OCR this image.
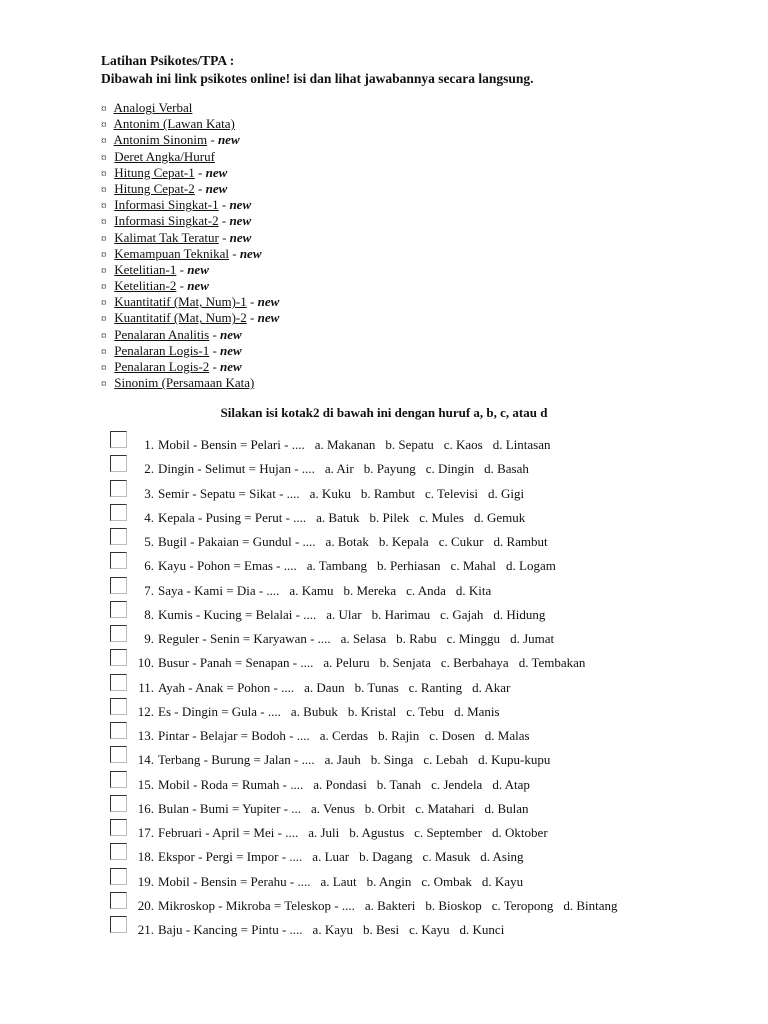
Latihan Psikotes/TPA :

Dibawah ini link psikotes online! isi dan lihat jawabannya secara langsung.

¤ Analogi Verbal
¤ Antonim (Lawan Kata)
¤ Antonim Sinonim - new
¤ Deret Angka/Huruf
¤ Hitung Cepat-1 - new
¤ Hitung Cepat-2 - new
¤ Informasi Singkat-1 - new
¤ Informasi Singkat-2 - new
¤ Kalimat Tak Teratur - new
¤ Kemampuan Teknikal - new
¤ Ketelitian-1 - new
¤ Ketelitian-2 - new
¤ Kuantitatif (Mat, Num)-1 - new
¤ Kuantitatif (Mat, Num)-2 - new
¤ Penalaran Analitis - new
¤ Penalaran Logis-1 - new
¤ Penalaran Logis-2 - new
¤ Sinonim (Persamaan Kata)
Silakan isi kotak2 di bawah ini dengan huruf a, b, c, atau d
1. Mobil - Bensin = Pelari - .... a. Makanan b. Sepatu c. Kaos d. Lintasan
2. Dingin - Selimut = Hujan - .... a. Air b. Payung c. Dingin d. Basah
3. Semir - Sepatu = Sikat - .... a. Kuku b. Rambut c. Televisi d. Gigi
4. Kepala - Pusing = Perut - .... a. Batuk b. Pilek c. Mules d. Gemuk
5. Bugil - Pakaian = Gundul - .... a. Botak b. Kepala c. Cukur d. Rambut
6. Kayu - Pohon = Emas - .... a. Tambang b. Perhiasan c. Mahal d. Logam
7. Saya - Kami = Dia - .... a. Kamu b. Mereka c. Anda d. Kita
8. Kumis - Kucing = Belalai - .... a. Ular b. Harimau c. Gajah d. Hidung
9. Reguler - Senin = Karyawan - .... a. Selasa b. Rabu c. Minggu d. Jumat
10. Busur - Panah = Senapan - .... a. Peluru b. Senjata c. Berbahaya d. Tembakan
11. Ayah - Anak = Pohon - .... a. Daun b. Tunas c. Ranting d. Akar
12. Es - Dingin = Gula - .... a. Bubuk b. Kristal c. Tebu d. Manis
13. Pintar - Belajar = Bodoh - .... a. Cerdas b. Rajin c. Dosen d. Malas
14. Terbang - Burung = Jalan - .... a. Jauh b. Singa c. Lebah d. Kupu-kupu
15. Mobil - Roda = Rumah - .... a. Pondasi b. Tanah c. Jendela d. Atap
16. Bulan - Bumi = Yupiter - ... a. Venus b. Orbit c. Matahari d. Bulan
17. Februari - April = Mei - .... a. Juli b. Agustus c. September d. Oktober
18. Ekspor - Pergi = Impor - .... a. Luar b. Dagang c. Masuk d. Asing
19. Mobil - Bensin = Perahu - .... a. Laut b. Angin c. Ombak d. Kayu
20. Mikroskop - Mikroba = Teleskop - .... a. Bakteri b. Bioskop c. Teropong d. Bintang
21. Baju - Kancing = Pintu - .... a. Kayu b. Besi c. Kayu d. Kunci
